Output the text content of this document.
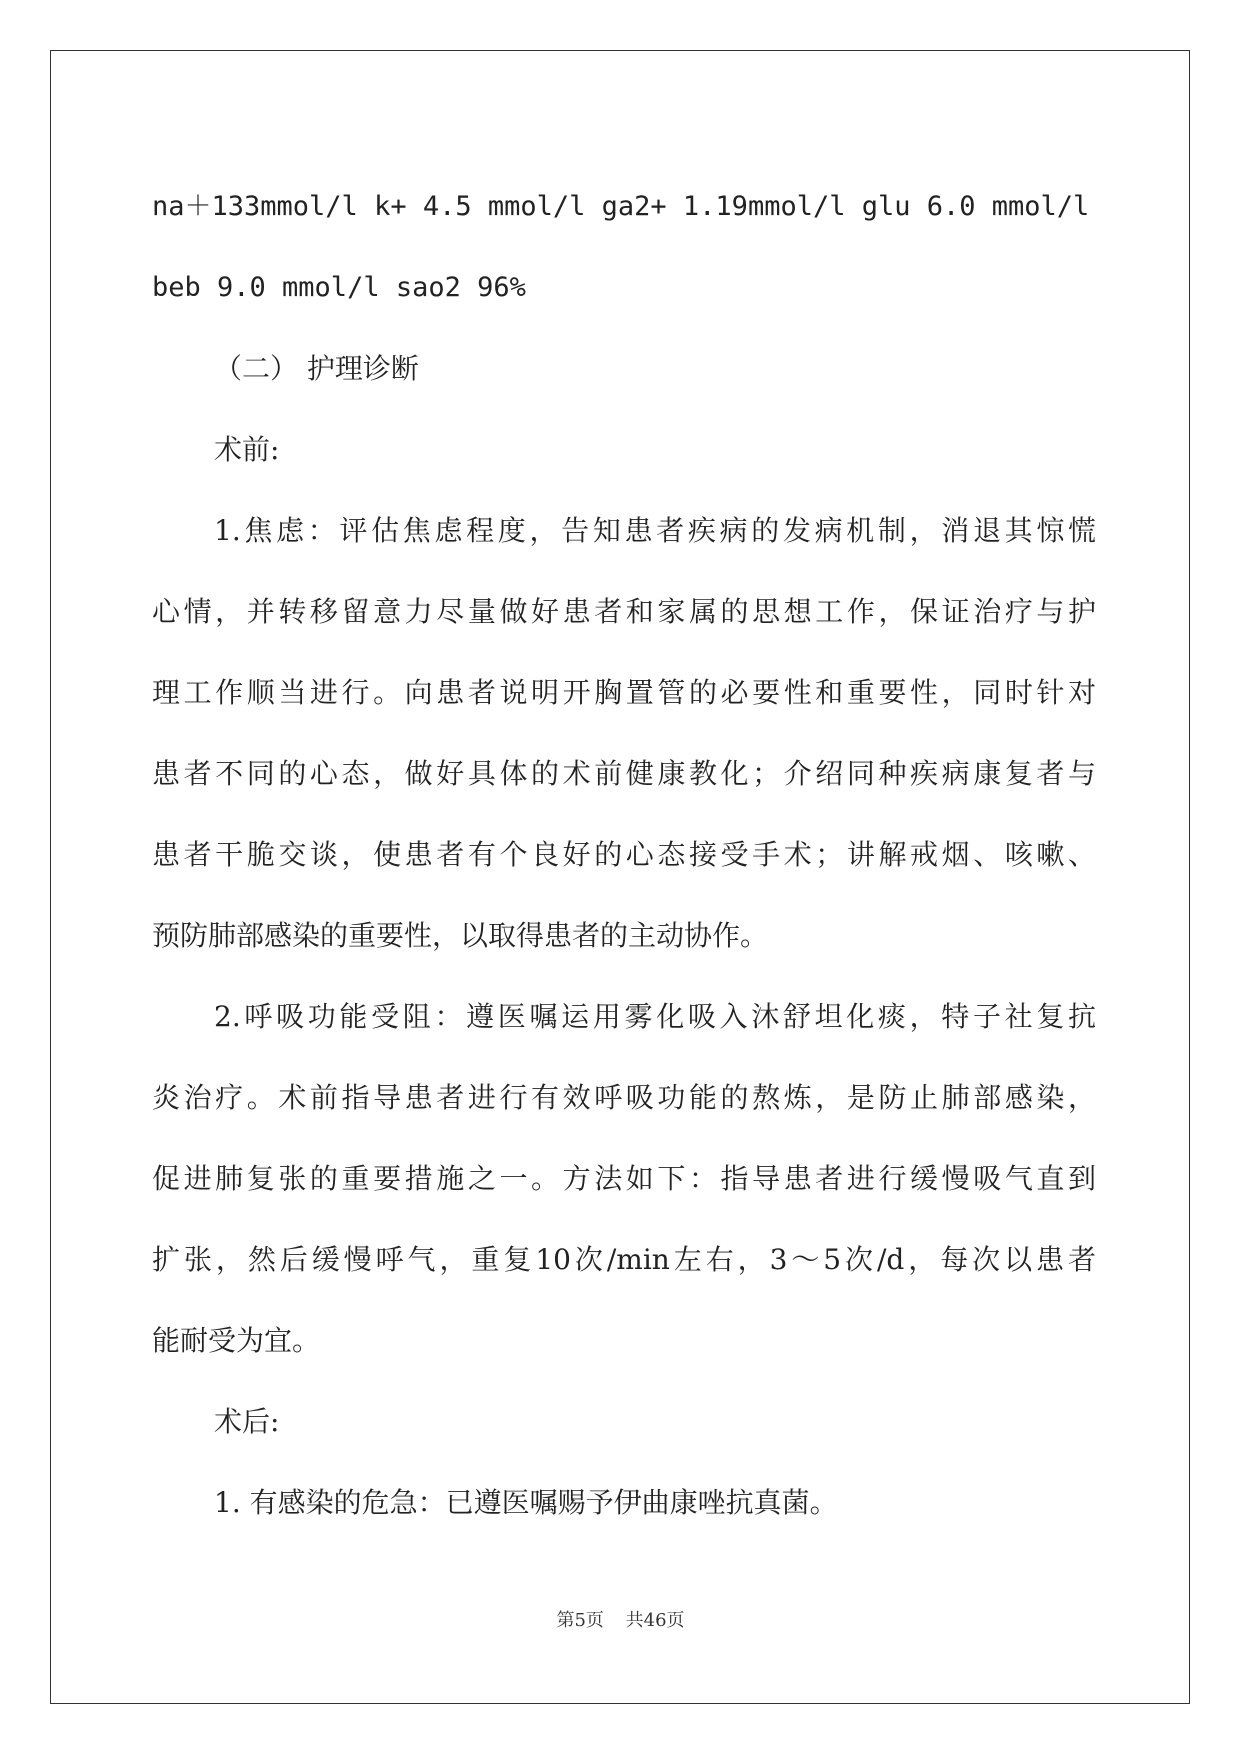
na＋133mmol/l k+ 4.5 mmol/l ga2+ 1.19mmol/l glu 6.0 mmol/l
beb 9.0 mmol/l sao2 96%
（二） 护理诊断
术前:
1.焦虑：评估焦虑程度，告知患者疾病的发病机制，消退其惊慌
心情，并转移留意力尽量做好患者和家属的思想工作，保证治疗与护
理工作顺当进行。向患者说明开胸置管的必要性和重要性，同时针对
患者不同的心态，做好具体的术前健康教化；介绍同种疾病康复者与
患者干脆交谈，使患者有个良好的心态接受手术；讲解戒烟、咳嗽、
预防肺部感染的重要性，以取得患者的主动协作。
2.呼吸功能受阻：遵医嘱运用雾化吸入沐舒坦化痰，特子社复抗
炎治疗。术前指导患者进行有效呼吸功能的熬炼，是防止肺部感染，
促进肺复张的重要措施之一。方法如下：指导患者进行缓慢吸气直到
扩张，然后缓慢呼气，重复10次/min左右，3～5次/d，每次以患者
能耐受为宜。
术后:
1. 有感染的危急：已遵医嘱赐予伊曲康唑抗真菌。
第5页 共46页
